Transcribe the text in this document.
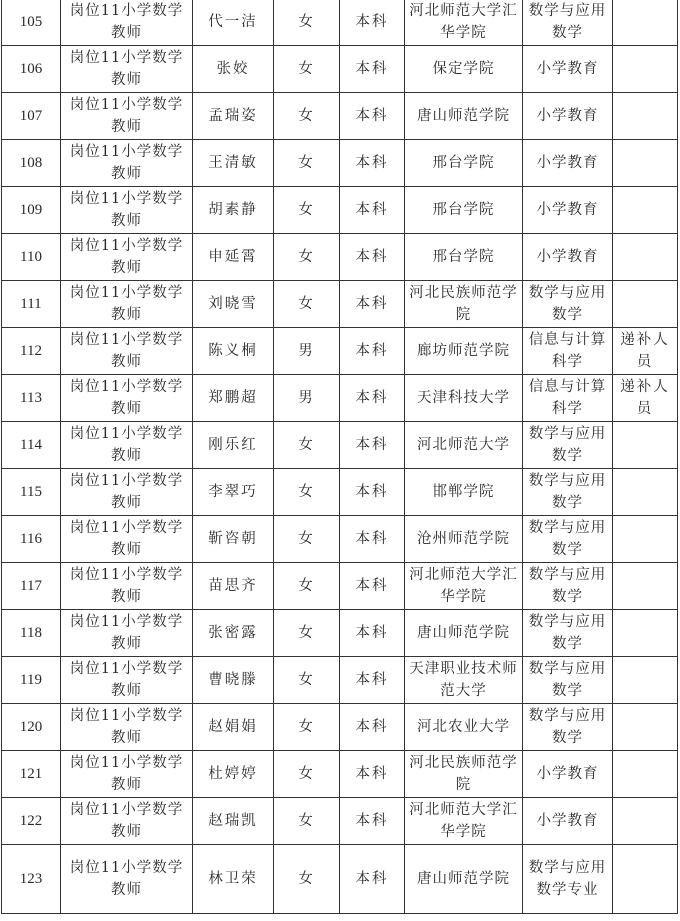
105	岗位11小学数学教师	代一洁	女	本科	河北师范大学汇华学院	数学与应用数学	
106	岗位11小学数学教师	张姣	女	本科	保定学院	小学教育	
107	岗位11小学数学教师	孟瑞姿	女	本科	唐山师范学院	小学教育	
108	岗位11小学数学教师	王清敏	女	本科	邢台学院	小学教育	
109	岗位11小学数学教师	胡素静	女	本科	邢台学院	小学教育	
110	岗位11小学数学教师	申延霄	女	本科	邢台学院	小学教育	
111	岗位11小学数学教师	刘晓雪	女	本科	河北民族师范学院	数学与应用数学	
112	岗位11小学数学教师	陈义桐	男	本科	廊坊师范学院	信息与计算科学	递补人员
113	岗位11小学数学教师	郑鹏超	男	本科	天津科技大学	信息与计算科学	递补人员
114	岗位11小学数学教师	刚乐红	女	本科	河北师范大学	数学与应用数学	
115	岗位11小学数学教师	李翠巧	女	本科	邯郸学院	数学与应用数学	
116	岗位11小学数学教师	靳咨朝	女	本科	沧州师范学院	数学与应用数学	
117	岗位11小学数学教师	苗思齐	女	本科	河北师范大学汇华学院	数学与应用数学	
118	岗位11小学数学教师	张密露	女	本科	唐山师范学院	数学与应用数学	
119	岗位11小学数学教师	曹晓滕	女	本科	天津职业技术师范大学	数学与应用数学	
120	岗位11小学数学教师	赵娟娟	女	本科	河北农业大学	数学与应用数学	
121	岗位11小学数学教师	杜婷婷	女	本科	河北民族师范学院	小学教育	
122	岗位11小学数学教师	赵瑞凯	女	本科	河北师范大学汇华学院	小学教育	
123	岗位11小学数学教师	林卫荣	女	本科	唐山师范学院	数学与应用数学专业	
